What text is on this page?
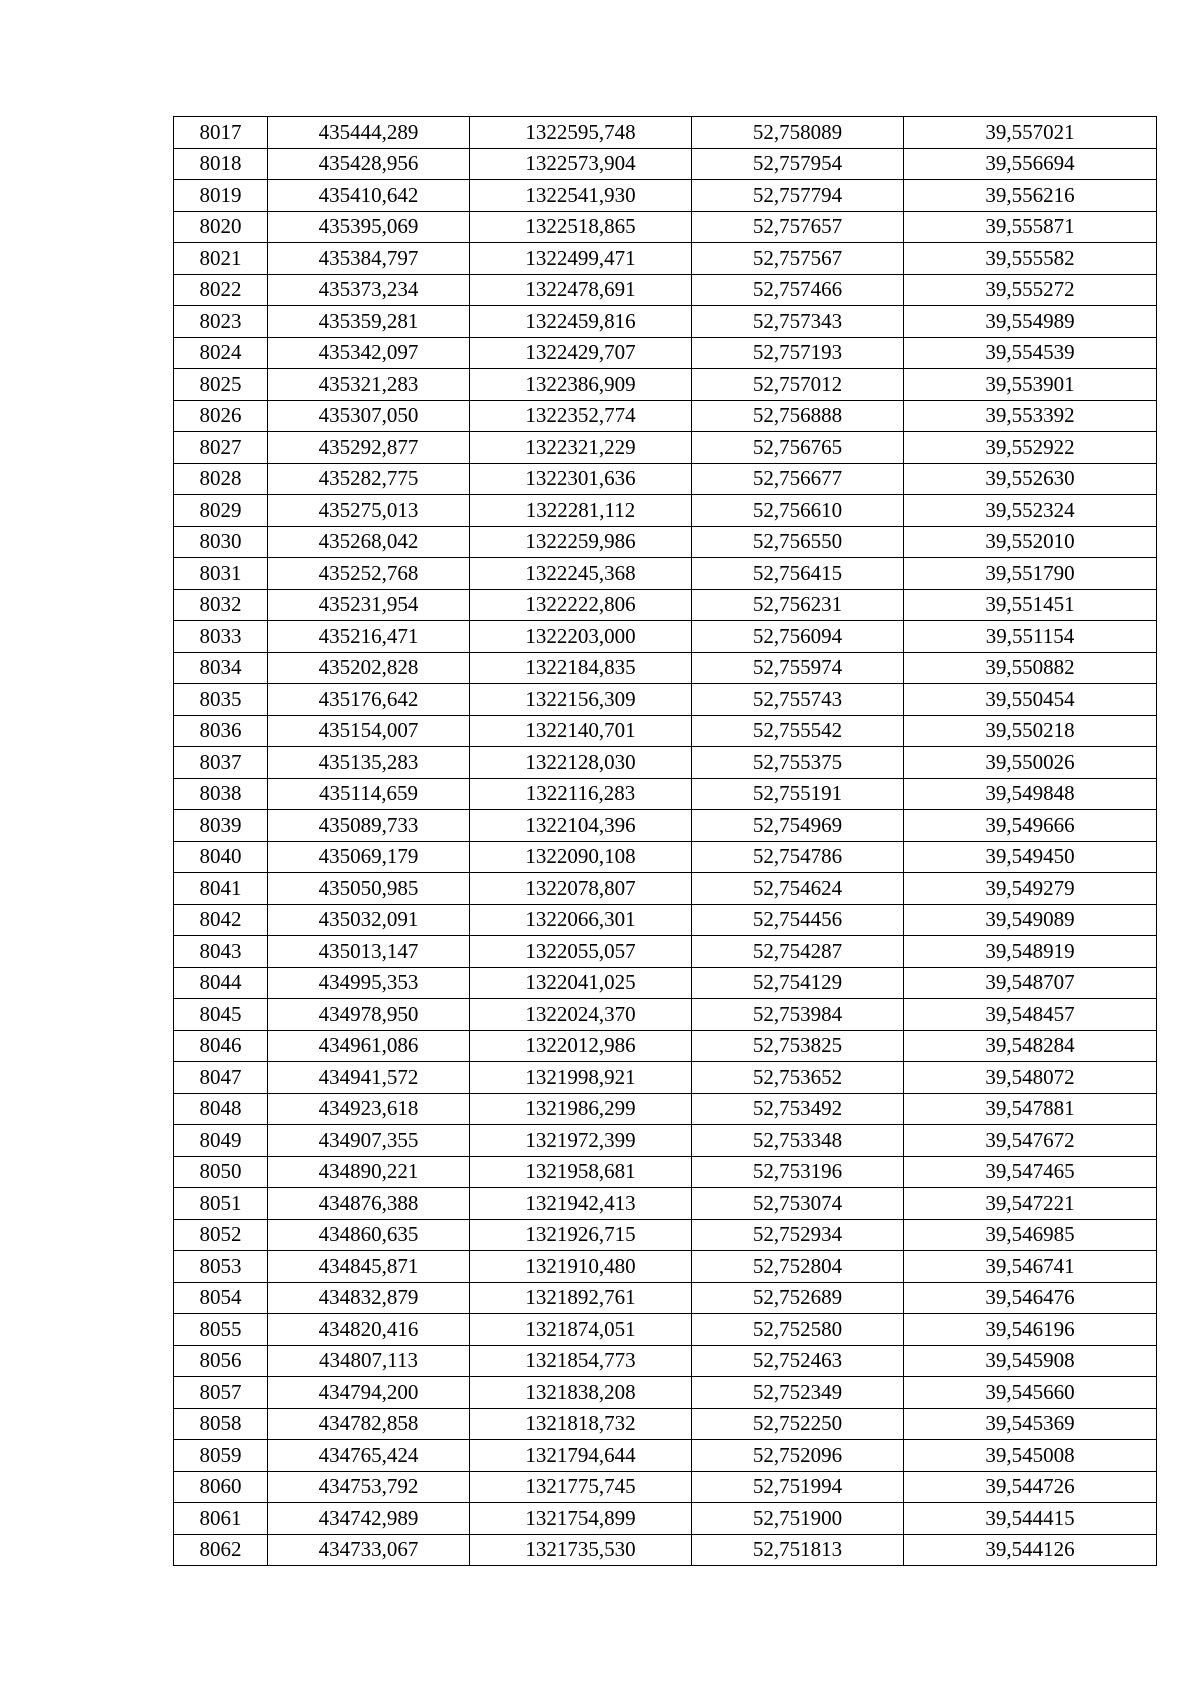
8017	435444,289	1322595,748	52,758089	39,557021
8018	435428,956	1322573,904	52,757954	39,556694
8019	435410,642	1322541,930	52,757794	39,556216
8020	435395,069	1322518,865	52,757657	39,555871
8021	435384,797	1322499,471	52,757567	39,555582
8022	435373,234	1322478,691	52,757466	39,555272
8023	435359,281	1322459,816	52,757343	39,554989
8024	435342,097	1322429,707	52,757193	39,554539
8025	435321,283	1322386,909	52,757012	39,553901
8026	435307,050	1322352,774	52,756888	39,553392
8027	435292,877	1322321,229	52,756765	39,552922
8028	435282,775	1322301,636	52,756677	39,552630
8029	435275,013	1322281,112	52,756610	39,552324
8030	435268,042	1322259,986	52,756550	39,552010
8031	435252,768	1322245,368	52,756415	39,551790
8032	435231,954	1322222,806	52,756231	39,551451
8033	435216,471	1322203,000	52,756094	39,551154
8034	435202,828	1322184,835	52,755974	39,550882
8035	435176,642	1322156,309	52,755743	39,550454
8036	435154,007	1322140,701	52,755542	39,550218
8037	435135,283	1322128,030	52,755375	39,550026
8038	435114,659	1322116,283	52,755191	39,549848
8039	435089,733	1322104,396	52,754969	39,549666
8040	435069,179	1322090,108	52,754786	39,549450
8041	435050,985	1322078,807	52,754624	39,549279
8042	435032,091	1322066,301	52,754456	39,549089
8043	435013,147	1322055,057	52,754287	39,548919
8044	434995,353	1322041,025	52,754129	39,548707
8045	434978,950	1322024,370	52,753984	39,548457
8046	434961,086	1322012,986	52,753825	39,548284
8047	434941,572	1321998,921	52,753652	39,548072
8048	434923,618	1321986,299	52,753492	39,547881
8049	434907,355	1321972,399	52,753348	39,547672
8050	434890,221	1321958,681	52,753196	39,547465
8051	434876,388	1321942,413	52,753074	39,547221
8052	434860,635	1321926,715	52,752934	39,546985
8053	434845,871	1321910,480	52,752804	39,546741
8054	434832,879	1321892,761	52,752689	39,546476
8055	434820,416	1321874,051	52,752580	39,546196
8056	434807,113	1321854,773	52,752463	39,545908
8057	434794,200	1321838,208	52,752349	39,545660
8058	434782,858	1321818,732	52,752250	39,545369
8059	434765,424	1321794,644	52,752096	39,545008
8060	434753,792	1321775,745	52,751994	39,544726
8061	434742,989	1321754,899	52,751900	39,544415
8062	434733,067	1321735,530	52,751813	39,544126
